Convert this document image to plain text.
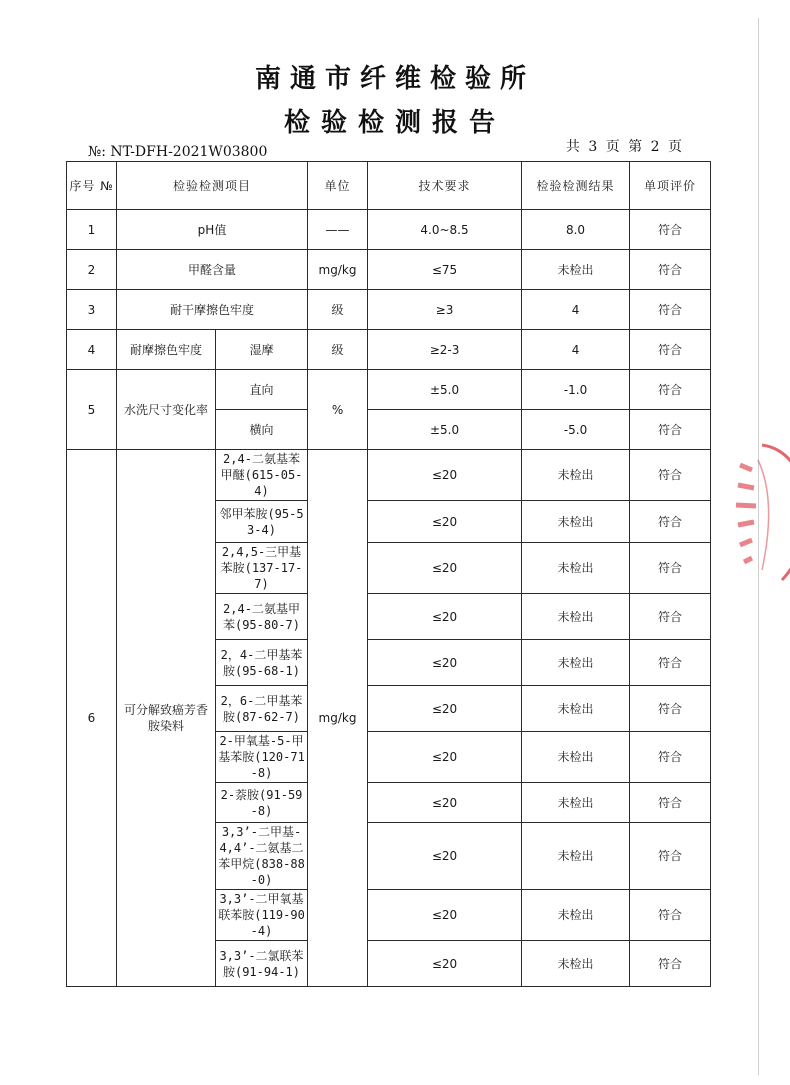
南通市纤维检验所
检验检测报告
№: NT-DFH-2021W03800	共 3 页 第 2 页
序号 №	检验检测项目		单位	技术要求	检验检测结果	单项评价
1	pH值		——	4.0~8.5	8.0	符合
2	甲醛含量		mg/kg	≤75	未检出	符合
3	耐干摩擦色牢度		级	≥3	4	符合
4	耐摩擦色牢度	湿摩	级	≥2-3	4	符合
5	水洗尺寸变化率	直向	%	±5.0	-1.0	符合
		横向		±5.0	-5.0	符合
6	可分解致癌芳香胺染料	2,4-二氨基苯甲醚(615-05-4)	mg/kg	≤20	未检出	符合
		邻甲苯胺(95-53-4)		≤20	未检出	符合
		2,4,5-三甲基苯胺(137-17-7)		≤20	未检出	符合
		2,4-二氨基甲苯(95-80-7)		≤20	未检出	符合
		2，4-二甲基苯胺(95-68-1)		≤20	未检出	符合
		2，6-二甲基苯胺(87-62-7)		≤20	未检出	符合
		2-甲氧基-5-甲基苯胺(120-71-8)		≤20	未检出	符合
		2-萘胺(91-59-8)		≤20	未检出	符合
		3,3’-二甲基-4,4’-二氨基二苯甲烷(838-88-0)		≤20	未检出	符合
		3,3’-二甲氧基联苯胺(119-90-4)		≤20	未检出	符合
		3,3’-二氯联苯胺(91-94-1)		≤20	未检出	符合
